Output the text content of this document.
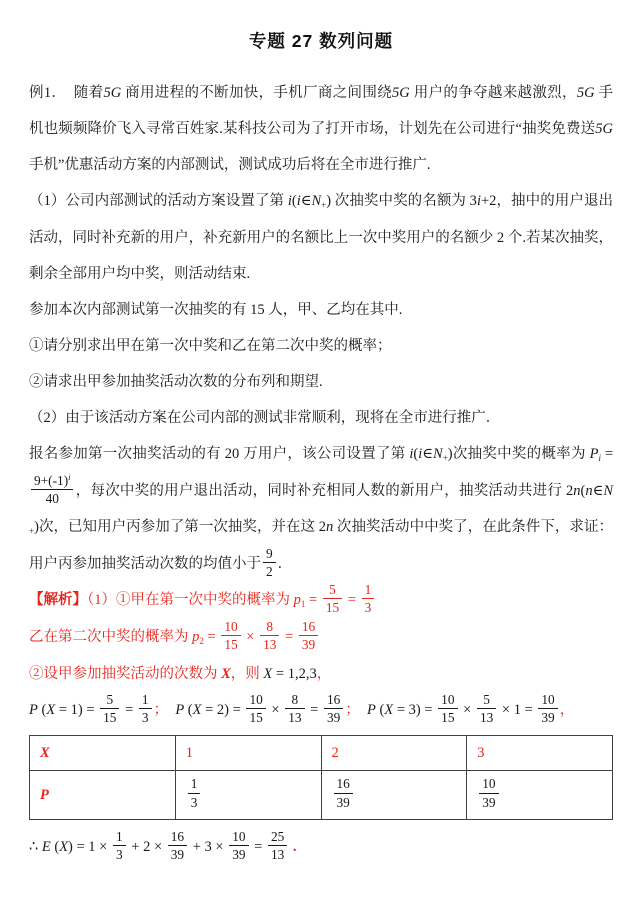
专题 27 数列问题

例1． 随着5G 商用进程的不断加快，手机厂商之间围绕5G 用户的争夺越来越激烈，5G 手机也频频降价飞入寻常百姓家.某科技公司为了打开市场，计划先在公司进行“抽奖免费送5G 手机”优惠活动方案的内部测试，测试成功后将在全市进行推广.

（1）公司内部测试的活动方案设置了第 $i(i\in N_+)$ 次抽奖中奖的名额为 3i+2，抽中的用户退出活动，同时补充新的用户，补充新用户的名额比上一次中奖用户的名额少 2 个.若某次抽奖，剩余全部用户均中奖，则活动结束.

参加本次内部测试第一次抽奖的有 15 人，甲、乙均在其中.

①请分别求出甲在第一次中奖和乙在第二次中奖的概率；

②请求出甲参加抽奖活动次数的分布列和期望.

（2）由于该活动方案在公司内部的测试非常顺利，现将在全市进行推广．

报名参加第一次抽奖活动的有 20 万用户，该公司设置了第 $i(i\in N_+)$次抽奖中奖的概率为 $P_i$ =
$\frac{9+(-1)^i}{40}$ ，每次中奖的用户退出活动，同时补充相同人数的新用户，抽奖活动共进行 $2n(n\in N_+)$次，已知用户丙参加了第一次抽奖，并在这 2n 次抽奖活动中中奖了，在此条件下，求证：用户丙参加抽奖活动次数的均值小于 $\frac{9}{2}$ ．

【解析】（1）①甲在第一次中奖的概率为 $p_1 = \frac{5}{15} = \frac{1}{3}$

乙在第二次中奖的概率为 $p_2 = \frac{10}{15} \times \frac{8}{13} = \frac{16}{39}$

②设甲参加抽奖活动的次数为 X，则 X = 1,2,3，

P $(X = 1) = \frac{5}{15} = \frac{1}{3}$ ；  P $(X = 2) = \frac{10}{15} \times \frac{8}{13} = \frac{16}{39}$ ；  P $(X = 3) = \frac{10}{15} \times \frac{5}{13} \times 1 = \frac{10}{39}$ ，

X	1	2	3
P	$\frac{1}{3}$	$\frac{16}{39}$	$\frac{10}{39}$

∴ E $(X) = 1 \times \frac{1}{3} + 2 \times \frac{16}{39} + 3 \times \frac{10}{39} = \frac{25}{13}$ .
